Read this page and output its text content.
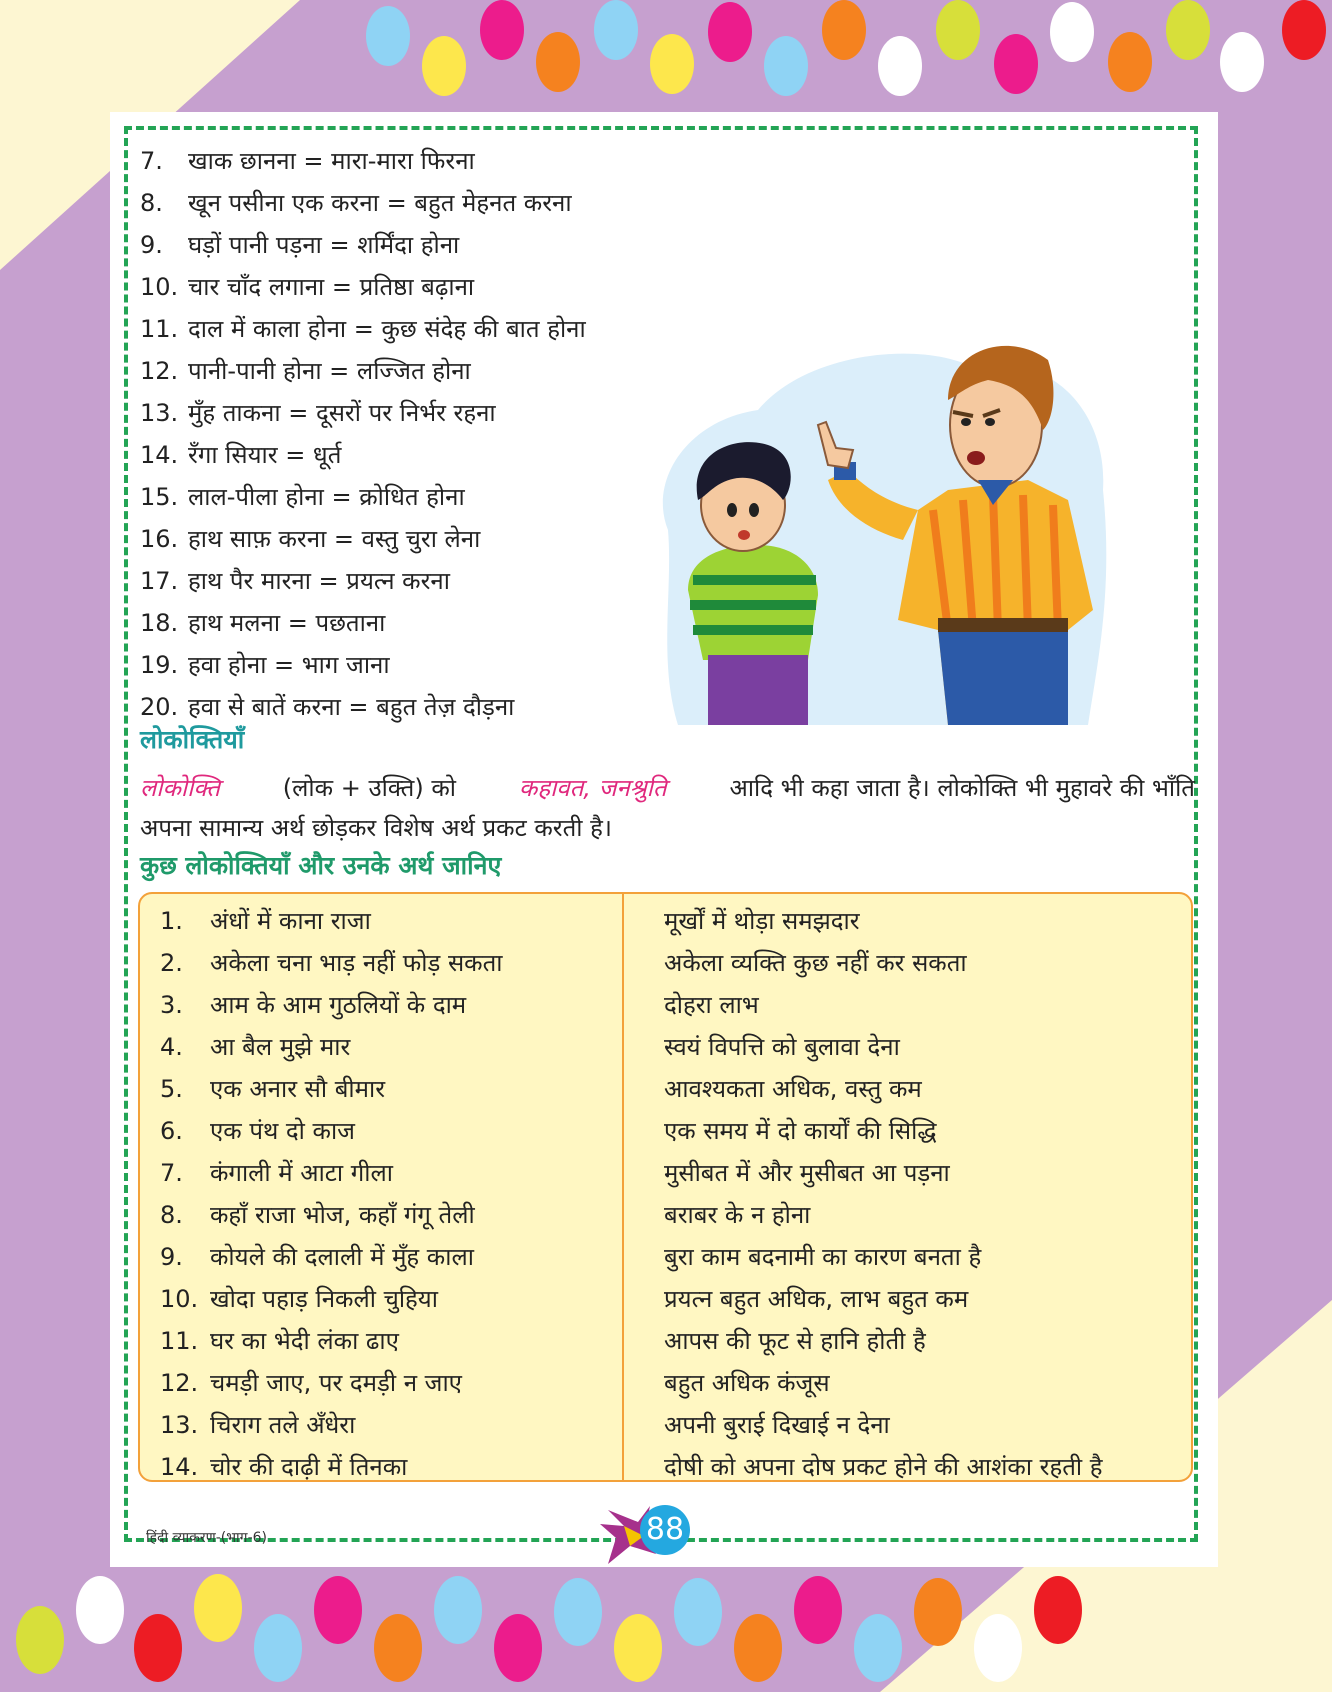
7. खाक छानना = मारा-मारा फिरना
8. खून पसीना एक करना = बहुत मेहनत करना
9. घड़ों पानी पड़ना = शर्मिंदा होना
10. चार चाँद लगाना = प्रतिष्ठा बढ़ाना
11. दाल में काला होना = कुछ संदेह की बात होना
12. पानी-पानी होना = लज्जित होना
13. मुँह ताकना = दूसरों पर निर्भर रहना
14. रँगा सियार = धूर्त
15. लाल-पीला होना = क्रोधित होना
16. हाथ साफ़ करना = वस्तु चुरा लेना
17. हाथ पैर मारना = प्रयत्न करना
18. हाथ मलना = पछताना
19. हवा होना = भाग जाना
20. हवा से बातें करना = बहुत तेज़ दौड़ना
लोकोक्तियाँ
लोकोक्ति	(लोक + उक्ति) को	कहावत, जनश्रुति	आदि भी कहा जाता है। लोकोक्ति भी मुहावरे की भाँति
अपना सामान्य अर्थ छोड़कर विशेष अर्थ प्रकट करती है।
कुछ लोकोक्तियाँ और उनके अर्थ जानिए
1. अंधों में काना राजा	मूर्खों में थोड़ा समझदार
2. अकेला चना भाड़ नहीं फोड़ सकता	अकेला व्यक्ति कुछ नहीं कर सकता
3. आम के आम गुठलियों के दाम	दोहरा लाभ
4. आ बैल मुझे मार	स्वयं विपत्ति को बुलावा देना
5. एक अनार सौ बीमार	आवश्यकता अधिक, वस्तु कम
6. एक पंथ दो काज	एक समय में दो कार्यों की सिद्धि
7. कंगाली में आटा गीला	मुसीबत में और मुसीबत आ पड़ना
8. कहाँ राजा भोज, कहाँ गंगू तेली	बराबर के न होना
9. कोयले की दलाली में मुँह काला	बुरा काम बदनामी का कारण बनता है
10. खोदा पहाड़ निकली चुहिया	प्रयत्न बहुत अधिक, लाभ बहुत कम
11. घर का भेदी लंका ढाए	आपस की फूट से हानि होती है
12. चमड़ी जाए, पर दमड़ी न जाए	बहुत अधिक कंजूस
13. चिराग तले अँधेरा	अपनी बुराई दिखाई न देना
14. चोर की दाढ़ी में तिनका	दोषी को अपना दोष प्रकट होने की आशंका रहती है
हिंदी व्याकरण-(भाग-6)	88
